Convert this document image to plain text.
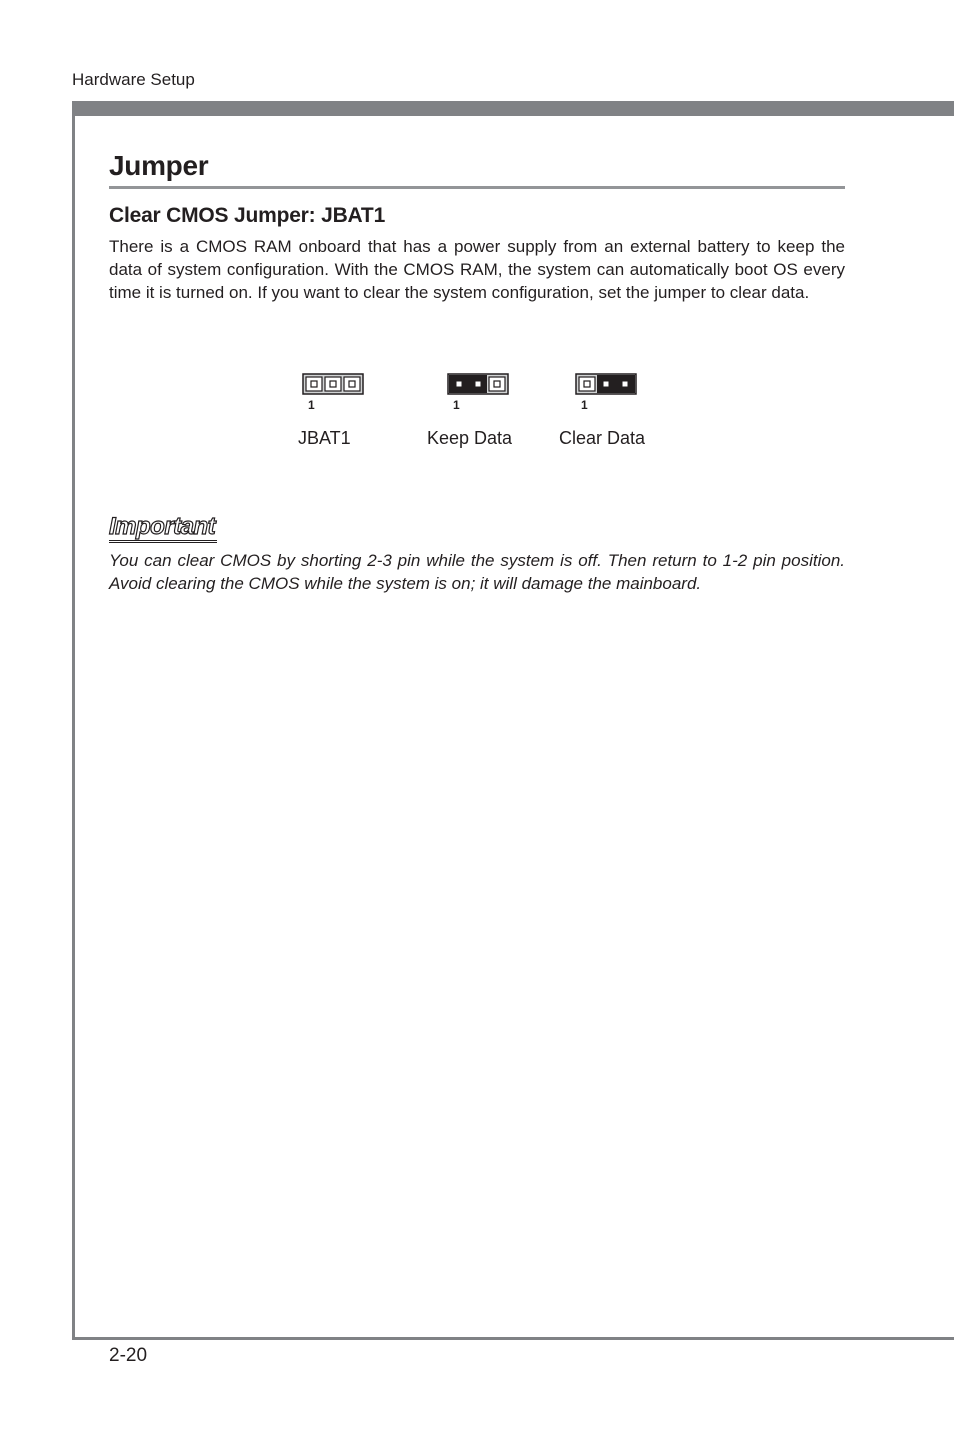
Hardware Setup
Jumper
Clear CMOS Jumper: JBAT1

There is a CMOS RAM onboard that has a power supply from an external battery to keep the data of system configuration. With the CMOS RAM, the system can automatically boot OS every time it is turned on. If you want to clear the system configuration, set the jumper to clear data.

1
JBAT1
1
Keep Data
1
Clear Data
Important

You can clear CMOS by shorting 2-3 pin while the system is off. Then return to 1-2 pin position. Avoid clearing the CMOS while the system is on; it will damage the mainboard.

2-20
